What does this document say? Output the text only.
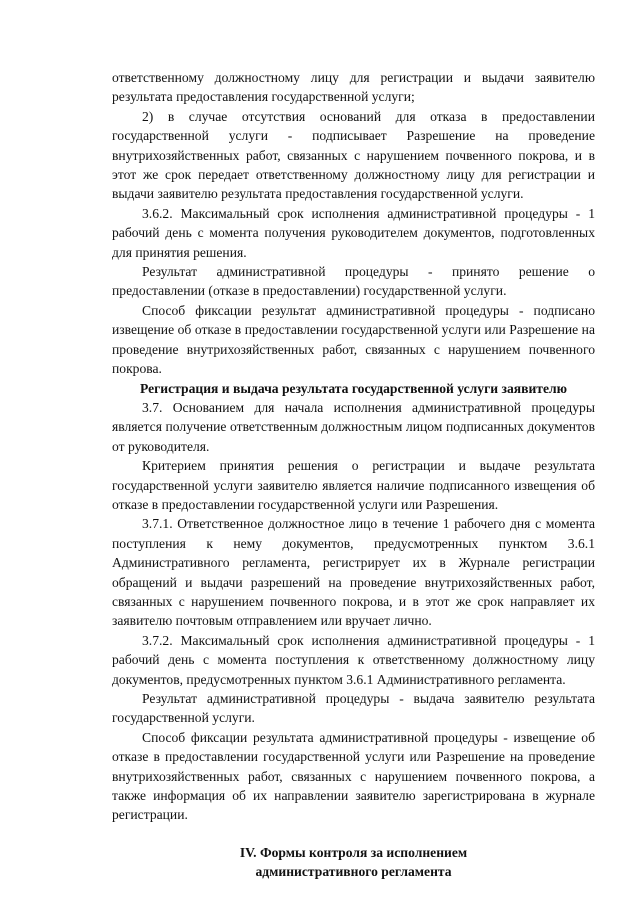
ответственному должностному лицу для регистрации и выдачи заявителю результата предоставления государственной услуги;

2) в случае отсутствия оснований для отказа в предоставлении государственной услуги - подписывает Разрешение на проведение внутрихозяйственных работ, связанных с нарушением почвенного покрова, и в этот же срок передает ответственному должностному лицу для регистрации и выдачи заявителю результата предоставления государственной услуги.

3.6.2. Максимальный срок исполнения административной процедуры - 1 рабочий день с момента получения руководителем документов, подготовленных для принятия решения.

Результат административной процедуры - принято решение о предоставлении (отказе в предоставлении) государственной услуги.

Способ фиксации результат административной процедуры - подписано извещение об отказе в предоставлении государственной услуги или Разрешение на проведение внутрихозяйственных работ, связанных с нарушением почвенного покрова.

Регистрация и выдача результата государственной услуги заявителю

3.7. Основанием для начала исполнения административной процедуры является получение ответственным должностным лицом подписанных документов от руководителя.

Критерием принятия решения о регистрации и выдаче результата государственной услуги заявителю является наличие подписанного извещения об отказе в предоставлении государственной услуги или Разрешения.

3.7.1. Ответственное должностное лицо в течение 1 рабочего дня с момента поступления к нему документов, предусмотренных пунктом 3.6.1 Административного регламента, регистрирует их в Журнале регистрации обращений и выдачи разрешений на проведение внутрихозяйственных работ, связанных с нарушением почвенного покрова, и в этот же срок направляет их заявителю почтовым отправлением или вручает лично.

3.7.2. Максимальный срок исполнения административной процедуры - 1 рабочий день с момента поступления к ответственному должностному лицу документов, предусмотренных пунктом 3.6.1 Административного регламента.

Результат административной процедуры - выдача заявителю результата государственной услуги.

Способ фиксации результата административной процедуры - извещение об отказе в предоставлении государственной услуги или Разрешение на проведение внутрихозяйственных работ, связанных с нарушением почвенного покрова, а также информация об их направлении заявителю зарегистрирована в журнале регистрации.

IV. Формы контроля за исполнением
административного регламента
